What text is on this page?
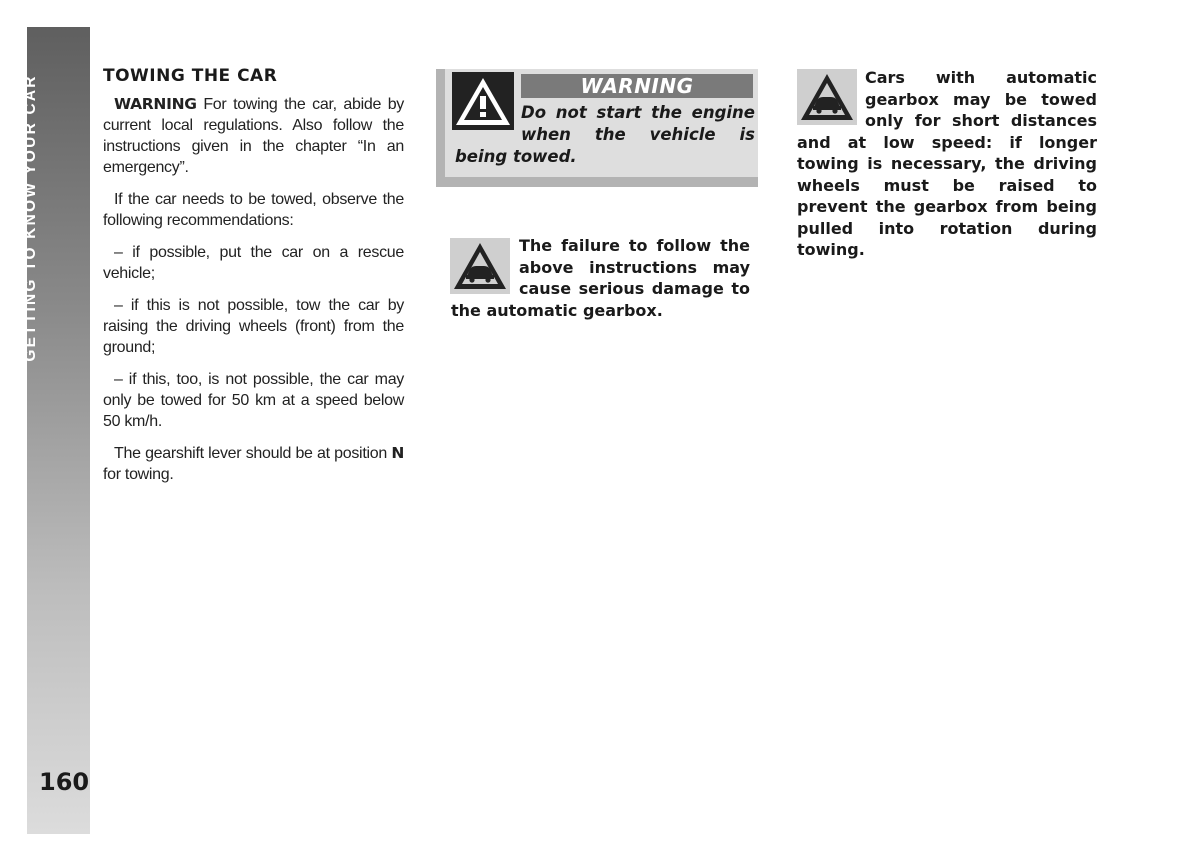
GETTING TO KNOW YOUR CAR
160
TOWING THE CAR

WARNING For towing the car, abide by current local regulations. Also follow the instructions given in the chapter “In an emergency”.

If the car needs to be towed, observe the following recommendations:

– if possible, put the car on a rescue vehicle;

– if this is not possible, tow the car by raising the driving wheels (front) from the ground;

– if this, too, is not possible, the car may only be towed for 50 km at a speed below 50 km/h.

The gearshift lever should be at position N for towing.

WARNING
Do not start the engine when the vehicle is being towed.
The failure to follow the above instructions may cause serious damage to the automatic gearbox.
Cars with automatic gearbox may be towed only for short distances and at low speed: if longer towing is necessary, the driving wheels must be raised to prevent the gearbox from being pulled into rotation during towing.
